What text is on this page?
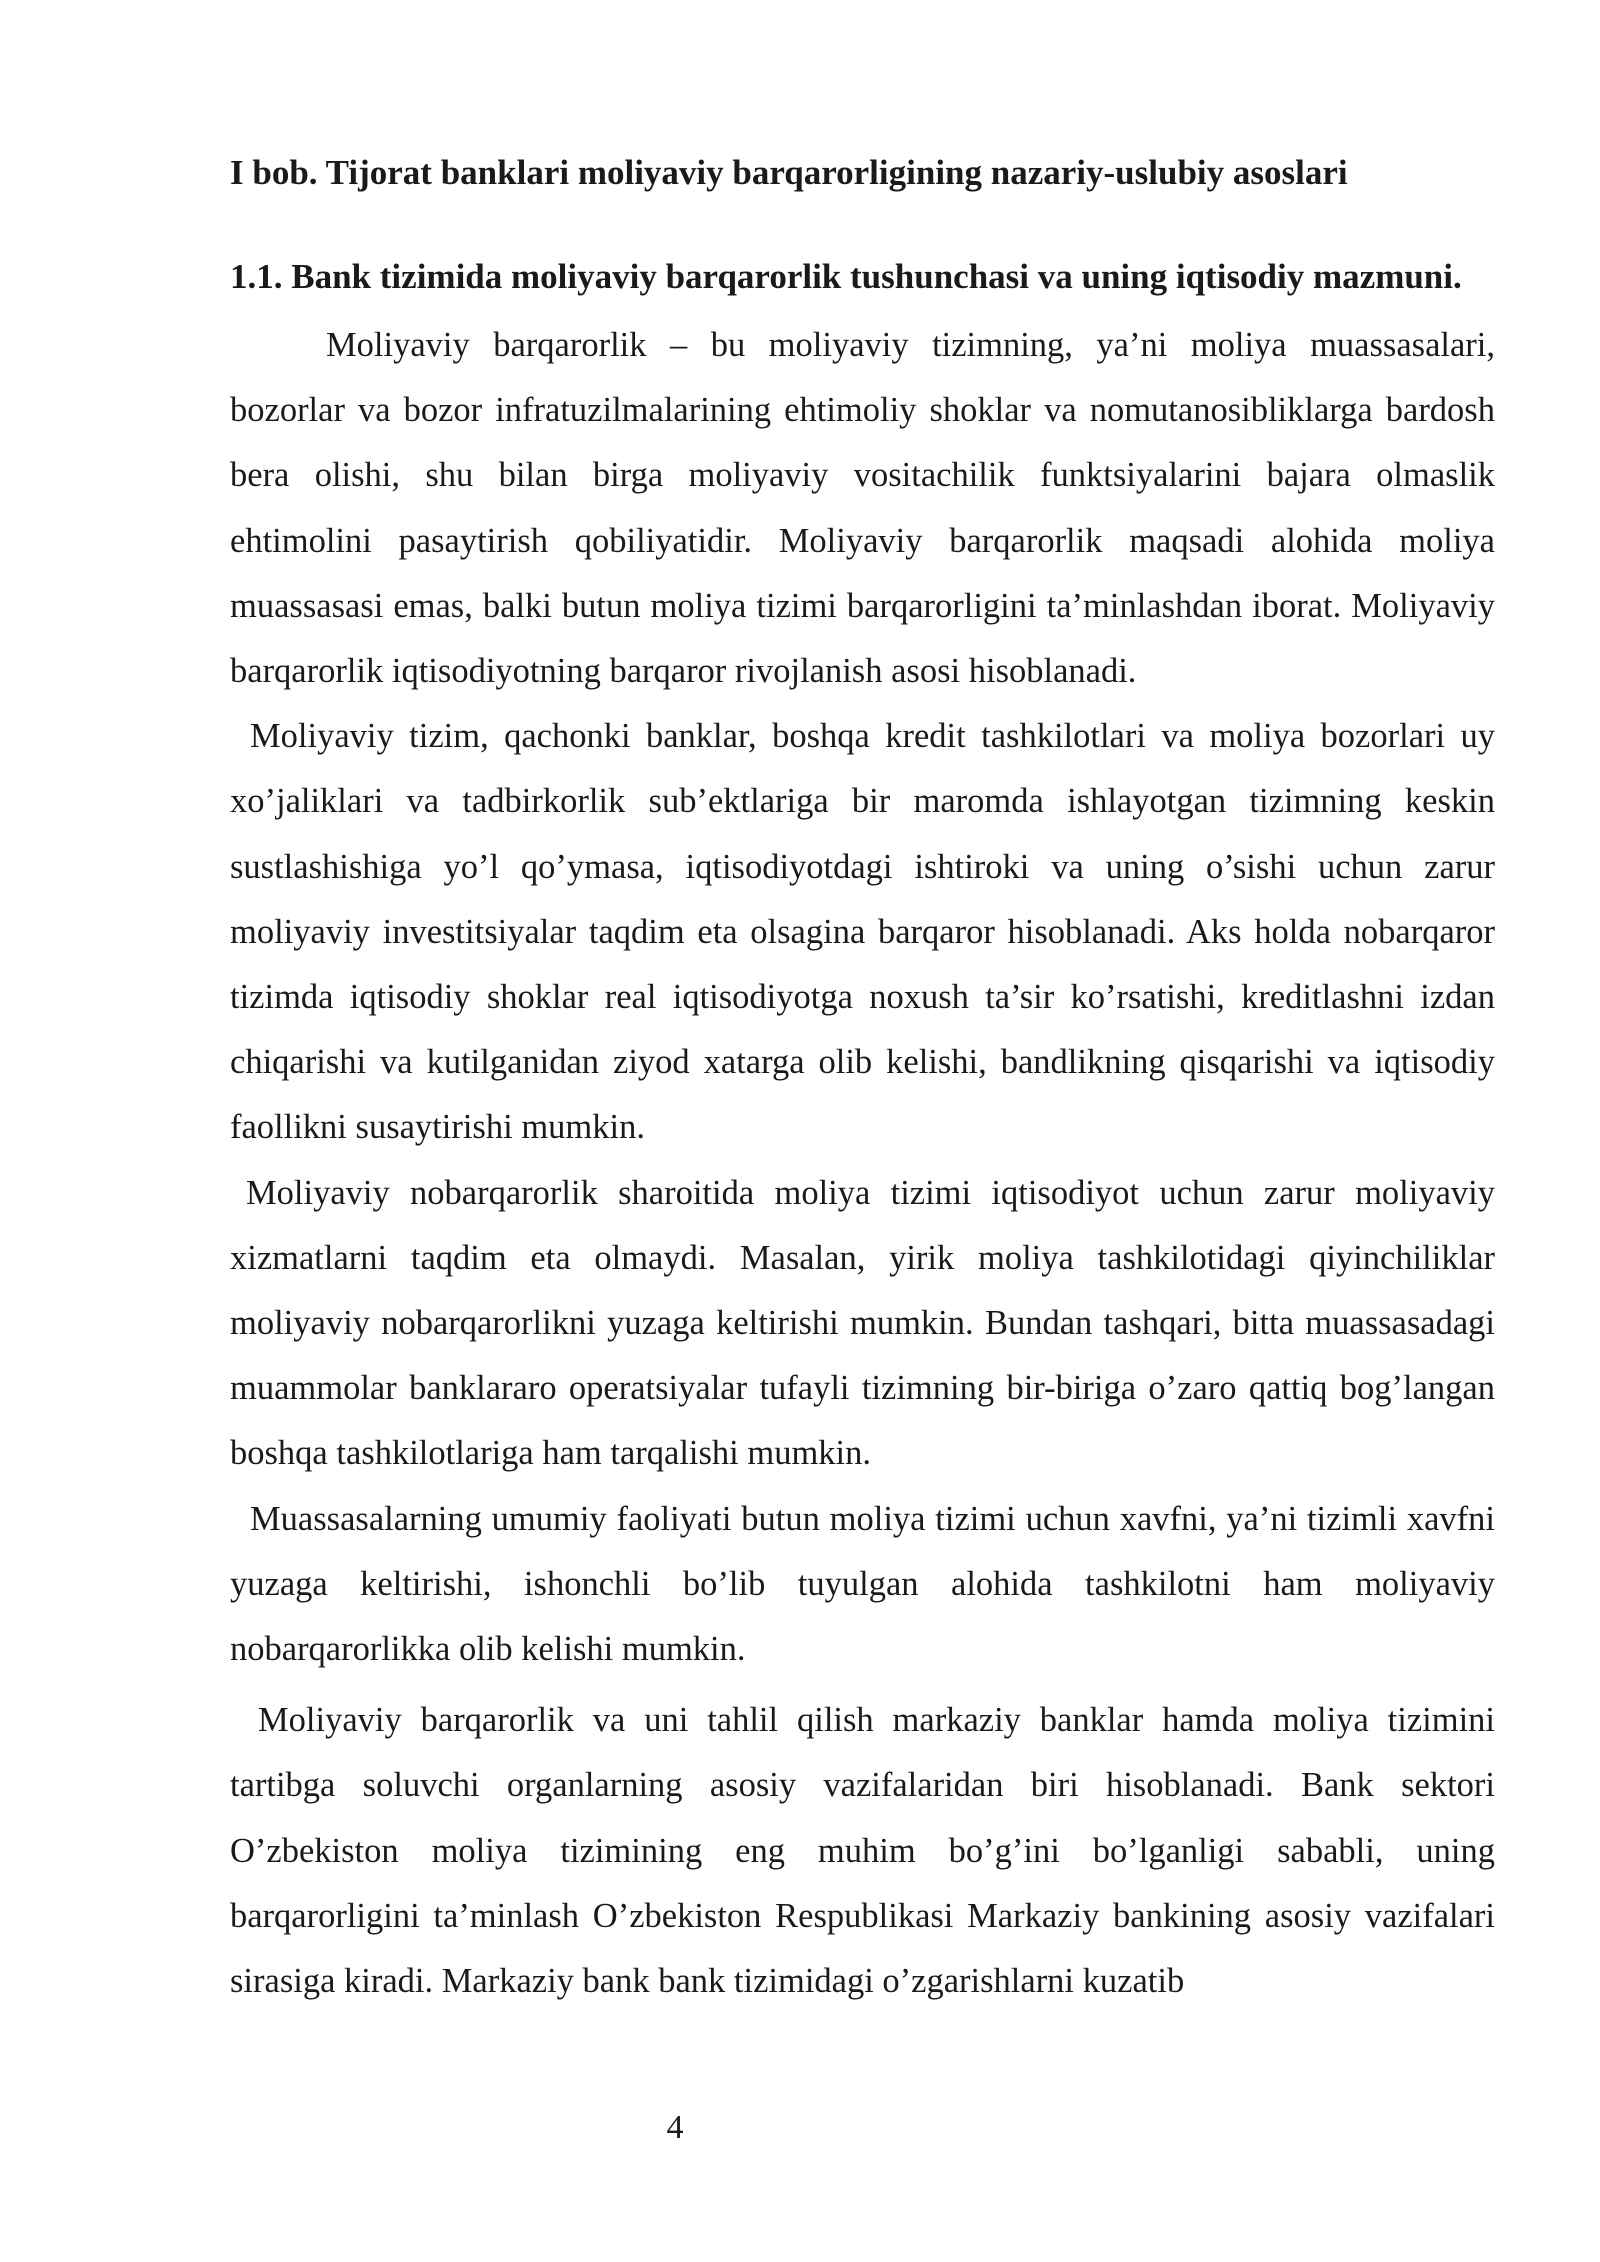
I bob. Tijorat banklari moliyaviy barqarorligining nazariy-uslubiy asoslari
1.1. Bank tizimida moliyaviy barqarorlik tushunchasi va uning iqtisodiy mazmuni.

Moliyaviy barqarorlik – bu moliyaviy tizimning, ya’ni moliya muassasalari, bozorlar va bozor infratuzilmalarining ehtimoliy shoklar va nomutanosibliklarga bardosh bera olishi, shu bilan birga moliyaviy vositachilik funktsiyalarini bajara olmaslik ehtimolini pasaytirish qobiliyatidir. Moliyaviy barqarorlik maqsadi alohida moliya muassasasi emas, balki butun moliya tizimi barqarorligini ta’minlashdan iborat. Moliyaviy barqarorlik iqtisodiyotning barqaror rivojlanish asosi hisoblanadi.

Moliyaviy tizim, qachonki banklar, boshqa kredit tashkilotlari va moliya bozorlari uy xo’jaliklari va tadbirkorlik sub’ektlariga bir maromda ishlayotgan tizimning keskin sustlashishiga yo’l qo’ymasa, iqtisodiyotdagi ishtiroki va uning o’sishi uchun zarur moliyaviy investitsiyalar taqdim eta olsagina barqaror hisoblanadi. Aks holda nobarqaror tizimda iqtisodiy shoklar real iqtisodiyotga noxush ta’sir ko’rsatishi, kreditlashni izdan chiqarishi va kutilganidan ziyod xatarga olib kelishi, bandlikning qisqarishi va iqtisodiy faollikni susaytirishi mumkin.

Moliyaviy nobarqarorlik sharoitida moliya tizimi iqtisodiyot uchun zarur moliyaviy xizmatlarni taqdim eta olmaydi. Masalan, yirik moliya tashkilotidagi qiyinchiliklar moliyaviy nobarqarorlikni yuzaga keltirishi mumkin. Bundan tashqari, bitta muassasadagi muammolar banklararo operatsiyalar tufayli tizimning bir-biriga o’zaro qattiq bog’langan boshqa tashkilotlariga ham tarqalishi mumkin.

Muassasalarning umumiy faoliyati butun moliya tizimi uchun xavfni, ya’ni tizimli xavfni yuzaga keltirishi, ishonchli bo’lib tuyulgan alohida tashkilotni ham moliyaviy nobarqarorlikka olib kelishi mumkin.

Moliyaviy barqarorlik va uni tahlil qilish markaziy banklar hamda moliya tizimini tartibga soluvchi organlarning asosiy vazifalaridan biri hisoblanadi. Bank sektori O’zbekiston moliya tizimining eng muhim bo’g’ini bo’lganligi sababli, uning barqarorligini ta’minlash O’zbekiston Respublikasi Markaziy bankining asosiy vazifalari sirasiga kiradi. Markaziy bank bank tizimidagi o’zgarishlarni kuzatib

4
